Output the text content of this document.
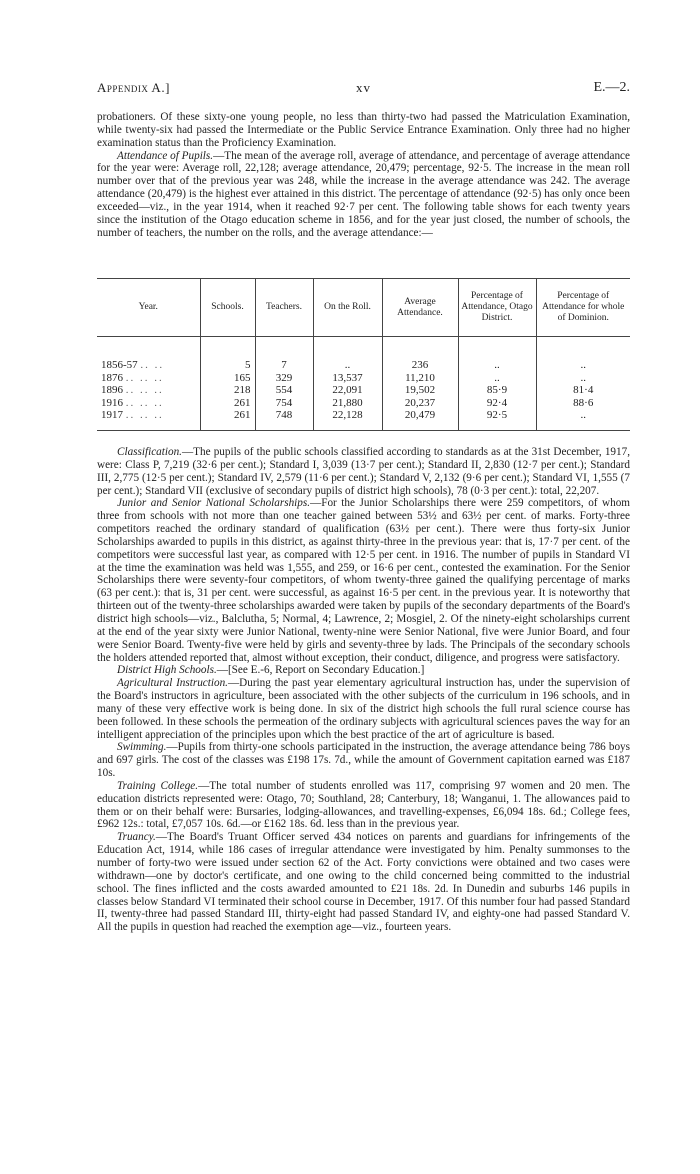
Appendix A.]	xv	E.—2.

probationers. Of these sixty-one young people, no less than thirty-two had passed the Matriculation Examination, while twenty-six had passed the Intermediate or the Public Service Entrance Examination. Only three had no higher examination status than the Proficiency Examination.

Attendance of Pupils.—The mean of the average roll, average of attendance, and percentage of average attendance for the year were: Average roll, 22,128; average attendance, 20,479; percentage, 92·5. The increase in the mean roll number over that of the previous year was 248, while the increase in the average attendance was 242. The average attendance (20,479) is the highest ever attained in this district. The percentage of attendance (92·5) has only once been exceeded—viz., in the year 1914, when it reached 92·7 per cent. The following table shows for each twenty years since the institution of the Otago education scheme in 1856, and for the year just closed, the number of schools, the number of teachers, the number on the rolls, and the average attendance:—

Year.	Schools.	Teachers.	On the Roll.	Average Attendance.	Percentage of Attendance, Otago District.	Percentage of Attendance for whole of Dominion.

1856-57 .. ..	5	7	..	236	..	..
1876 .. .. ..	165	329	13,537	11,210	..	..
1896 .. .. ..	218	554	22,091	19,502	85·9	81·4
1916 .. .. ..	261	754	21,880	20,237	92·4	88·6
1917 .. .. ..	261	748	22,128	20,479	92·5	..

Classification.—The pupils of the public schools classified according to standards as at the 31st December, 1917, were: Class P, 7,219 (32·6 per cent.); Standard I, 3,039 (13·7 per cent.); Standard II, 2,830 (12·7 per cent.); Standard III, 2,775 (12·5 per cent.); Standard IV, 2,579 (11·6 per cent.); Standard V, 2,132 (9·6 per cent.); Standard VI, 1,555 (7 per cent.); Standard VII (exclusive of secondary pupils of district high schools), 78 (0·3 per cent.): total, 22,207.

Junior and Senior National Scholarships.—For the Junior Scholarships there were 259 competitors, of whom three from schools with not more than one teacher gained between 53½ and 63½ per cent. of marks. Forty-three competitors reached the ordinary standard of qualification (63½ per cent.). There were thus forty-six Junior Scholarships awarded to pupils in this district, as against thirty-three in the previous year: that is, 17·7 per cent. of the competitors were successful last year, as compared with 12·5 per cent. in 1916. The number of pupils in Standard VI at the time the examination was held was 1,555, and 259, or 16·6 per cent., contested the examination. For the Senior Scholarships there were seventy-four competitors, of whom twenty-three gained the qualifying percentage of marks (63 per cent.): that is, 31 per cent. were successful, as against 16·5 per cent. in the previous year. It is noteworthy that thirteen out of the twenty-three scholarships awarded were taken by pupils of the secondary departments of the Board's district high schools—viz., Balclutha, 5; Normal, 4; Lawrence, 2; Mosgiel, 2. Of the ninety-eight scholarships current at the end of the year sixty were Junior National, twenty-nine were Senior National, five were Junior Board, and four were Senior Board. Twenty-five were held by girls and seventy-three by lads. The Principals of the secondary schools the holders attended reported that, almost without exception, their conduct, diligence, and progress were satisfactory.

District High Schools.—[See E.-6, Report on Secondary Education.]

Agricultural Instruction.—During the past year elementary agricultural instruction has, under the supervision of the Board's instructors in agriculture, been associated with the other subjects of the curriculum in 196 schools, and in many of these very effective work is being done. In six of the district high schools the full rural science course has been followed. In these schools the permeation of the ordinary subjects with agricultural sciences paves the way for an intelligent appreciation of the principles upon which the best practice of the art of agriculture is based.

Swimming.—Pupils from thirty-one schools participated in the instruction, the average attendance being 786 boys and 697 girls. The cost of the classes was £198 17s. 7d., while the amount of Government capitation earned was £187 10s.

Training College.—The total number of students enrolled was 117, comprising 97 women and 20 men. The education districts represented were: Otago, 70; Southland, 28; Canterbury, 18; Wanganui, 1. The allowances paid to them or on their behalf were: Bursaries, lodging-allowances, and travelling-expenses, £6,094 18s. 6d.; College fees, £962 12s.: total, £7,057 10s. 6d.—or £162 18s. 6d. less than in the previous year.

Truancy.—The Board's Truant Officer served 434 notices on parents and guardians for infringements of the Education Act, 1914, while 186 cases of irregular attendance were investigated by him. Penalty summonses to the number of forty-two were issued under section 62 of the Act. Forty convictions were obtained and two cases were withdrawn—one by doctor's certificate, and one owing to the child concerned being committed to the industrial school. The fines inflicted and the costs awarded amounted to £21 18s. 2d. In Dunedin and suburbs 146 pupils in classes below Standard VI terminated their school course in December, 1917. Of this number four had passed Standard II, twenty-three had passed Standard III, thirty-eight had passed Standard IV, and eighty-one had passed Standard V. All the pupils in question had reached the exemption age—viz., fourteen years.
